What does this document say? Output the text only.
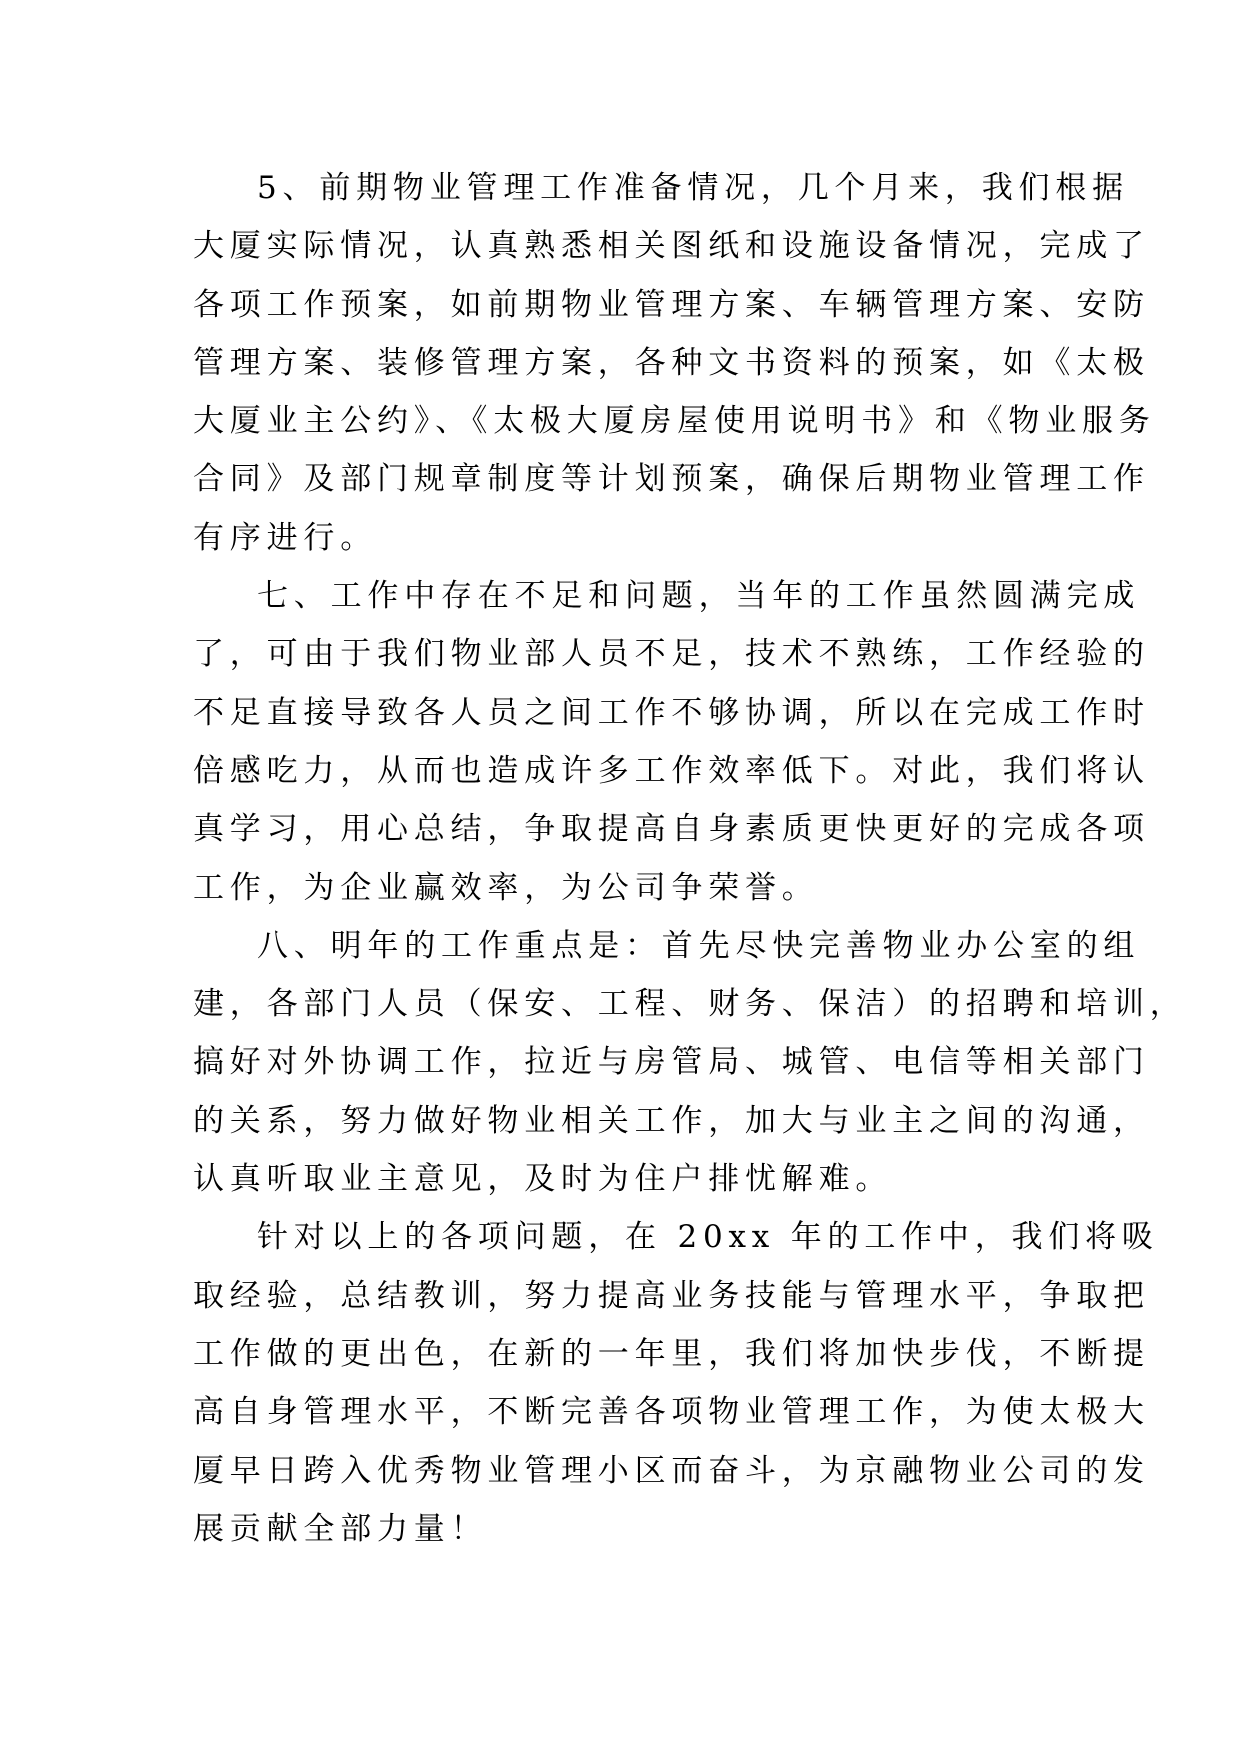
5、前期物业管理工作准备情况，几个月来，我们根据
大厦实际情况，认真熟悉相关图纸和设施设备情况，完成了
各项工作预案，如前期物业管理方案、车辆管理方案、安防
管理方案、装修管理方案，各种文书资料的预案，如《太极
大厦业主公约》、《太极大厦房屋使用说明书》和《物业服务
合同》及部门规章制度等计划预案，确保后期物业管理工作
有序进行。
七、工作中存在不足和问题，当年的工作虽然圆满完成
了，可由于我们物业部人员不足，技术不熟练，工作经验的
不足直接导致各人员之间工作不够协调，所以在完成工作时
倍感吃力，从而也造成许多工作效率低下。对此，我们将认
真学习，用心总结，争取提高自身素质更快更好的完成各项
工作，为企业赢效率，为公司争荣誉。
八、明年的工作重点是：首先尽快完善物业办公室的组
建，各部门人员（保安、工程、财务、保洁）的招聘和培训，
搞好对外协调工作，拉近与房管局、城管、电信等相关部门
的关系，努力做好物业相关工作，加大与业主之间的沟通，
认真听取业主意见，及时为住户排忧解难。
针对以上的各项问题，在 20xx 年的工作中，我们将吸
取经验，总结教训，努力提高业务技能与管理水平，争取把
工作做的更出色，在新的一年里，我们将加快步伐，不断提
高自身管理水平，不断完善各项物业管理工作，为使太极大
厦早日跨入优秀物业管理小区而奋斗，为京融物业公司的发
展贡献全部力量！
